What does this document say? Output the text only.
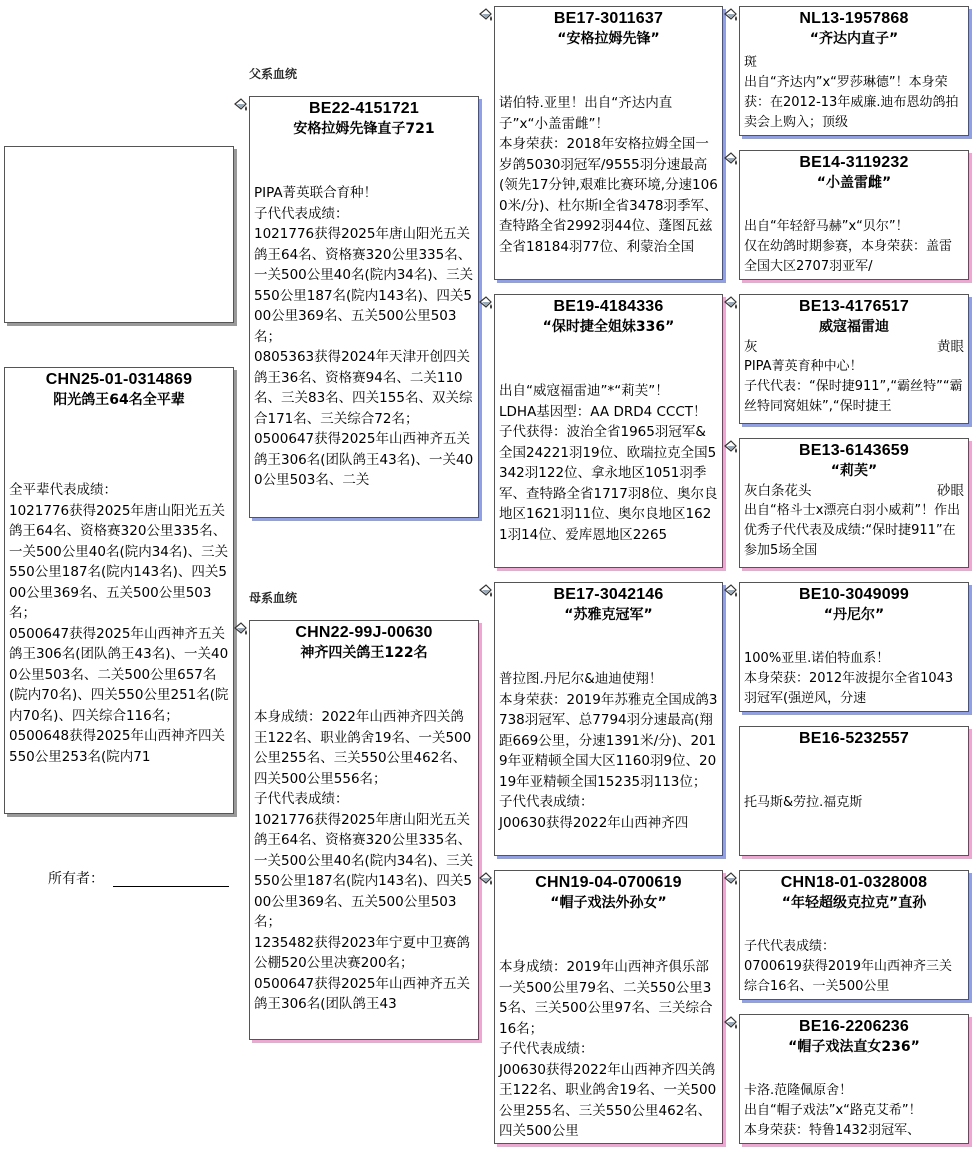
CHN25-01-0314869
阳光鸽王64名全平辈
全平辈代表成绩：
1021776获得2025年唐山阳光五关鸽王64名、资格赛320公里335名、一关500公里40名(院内34名)、三关550公里187名(院内143名)、四关500公里369名、五关500公里503名；
0500647获得2025年山西神齐五关鸽王306名(团队鸽王43名)、一关400公里503名、二关500公里657名(院内70名)、四关550公里251名(院内70名)、四关综合116名；
0500648获得2025年山西神齐四关550公里253名(院内71
所有者：
父系血统
母系血统
BE22-4151721
安格拉姆先锋直子721
PIPA菁英联合育种！
子代代表成绩：
1021776获得2025年唐山阳光五关鸽王64名、资格赛320公里335名、一关500公里40名(院内34名)、三关550公里187名(院内143名)、四关500公里369名、五关500公里503名；
0805363获得2024年天津开创四关鸽王36名、资格赛94名、二关110名、三关83名、四关155名、双关综合171名、三关综合72名；
0500647获得2025年山西神齐五关鸽王306名(团队鸽王43名)、一关400公里503名、二关
CHN22-99J-00630
神齐四关鸽王122名
本身成绩：2022年山西神齐四关鸽王122名、职业鸽舍19名、一关500公里255名、三关550公里462名、四关500公里556名；
子代代表成绩：
1021776获得2025年唐山阳光五关鸽王64名、资格赛320公里335名、一关500公里40名(院内34名)、三关550公里187名(院内143名)、四关500公里369名、五关500公里503名；
1235482获得2023年宁夏中卫赛鸽公棚520公里决赛200名；
0500647获得2025年山西神齐五关鸽王306名(团队鸽王43
BE17-3011637
“安格拉姆先锋”
诺伯特.亚里！出自“齐达内直子”x“小盖雷雌”！
本身荣获：2018年安格拉姆全国一岁鸽5030羽冠军/9555羽分速最高(领先17分钟,艰难比赛环境,分速1060米/分)、杜尔斯l全省3478羽季军、查特路全省2992羽44位、蓬图瓦兹全省18184羽77位、利蒙治全国
BE19-4184336
“保时捷全姐妹336”
出自“威寇福雷迪”*“莉芙”！
LDHA基因型：AA DRD4 CCCT！子代获得：波治全省1965羽冠军&全国24221羽19位、欧瑞拉克全国5342羽122位、拿永地区1051羽季军、查特路全省1717羽8位、奥尔良地区1621羽11位、奥尔良地区1621羽14位、爱库恩地区2265
BE17-3042146
“苏雅克冠军”
普拉图.丹尼尔&迪迪使翔！
本身荣获：2019年苏雅克全国成鸽3738羽冠军、总7794羽分速最高(翔距669公里，分速1391米/分)、2019年亚精顿全国大区1160羽9位、2019年亚精顿全国15235羽113位；
子代代表成绩：
J00630获得2022年山西神齐四
CHN19-04-0700619
“帽子戏法外孙女”
本身成绩：2019年山西神齐俱乐部一关500公里79名、二关550公里35名、三关500公里97名、三关综合16名；
子代代表成绩：
J00630获得2022年山西神齐四关鸽王122名、职业鸽舍19名、一关500公里255名、三关550公里462名、四关500公里
NL13-1957868
“齐达内直子”
斑
出自“齐达内”x“罗莎琳德”！本身荣获：在2012-13年威廉.迪布恩幼鸽拍卖会上购入；顶级
BE14-3119232
“小盖雷雌”
出自“年轻舒马赫”x“贝尔”！
仅在幼鸽时期参赛，本身荣获：盖雷全国大区2707羽亚军/
BE13-4176517
威寇福雷迪
灰	黄眼
PIPA菁英育种中心！
子代代表：“保时捷911”,“霸丝特”“霸丝特同窝姐妹”,“保时捷王
BE13-6143659
“莉芙”
灰白条花头	砂眼
出自“格斗士x漂亮白羽小威莉”！作出优秀子代代表及成绩:“保时捷911”在参加5场全国
BE10-3049099
“丹尼尔”
100%亚里.诺伯特血系！
本身荣获：2012年波提尔全省1043羽冠军(强逆风，分速
BE16-5232557
托马斯&劳拉.福克斯
CHN18-01-0328008
“年轻超级克拉克”直孙
子代代表成绩：
0700619获得2019年山西神齐三关综合16名、一关500公里
BE16-2206236
“帽子戏法直女236”
卡洛.范隆佩原舍！
出自“帽子戏法”x“路克艾希”！
本身荣获：特鲁1432羽冠军、
